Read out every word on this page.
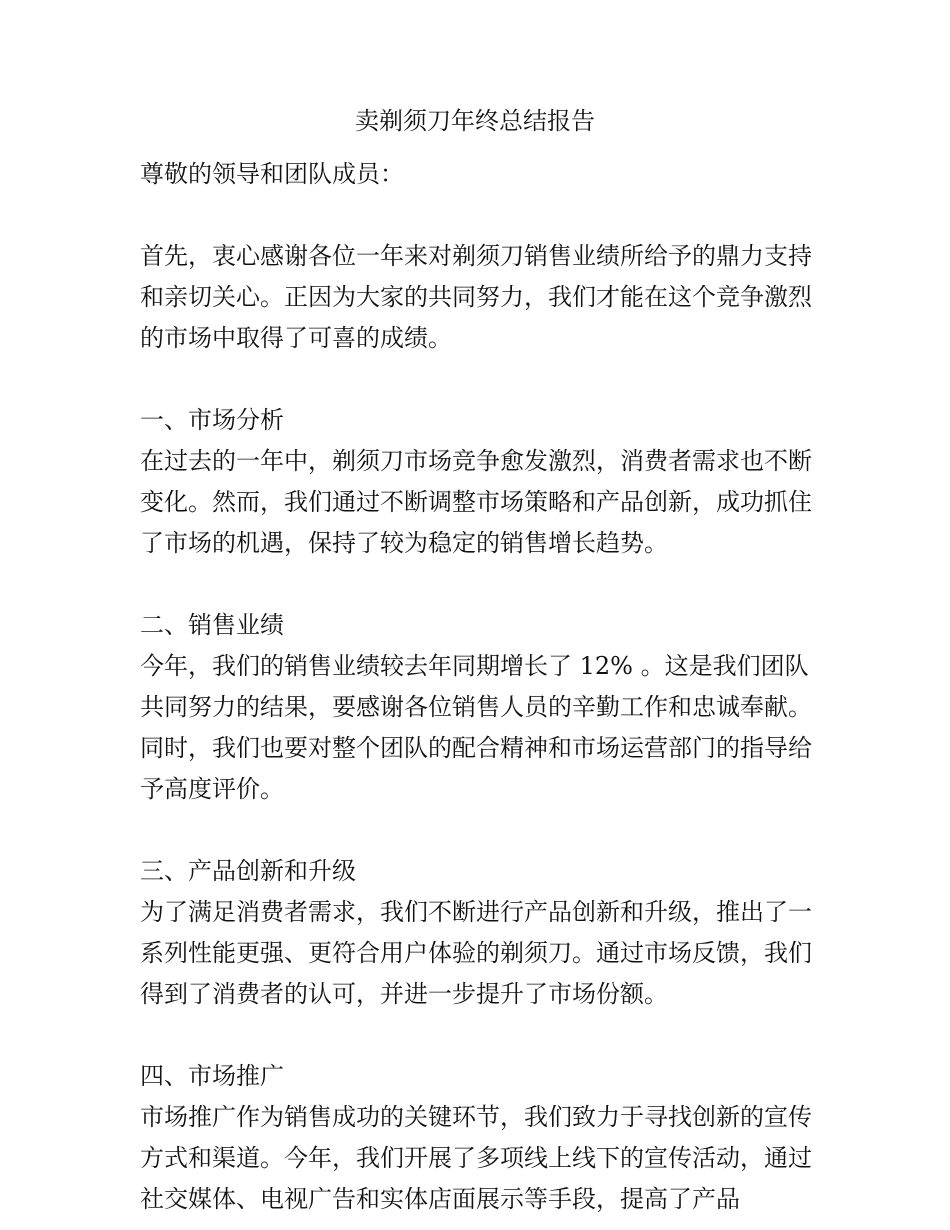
卖剃须刀年终总结报告

尊敬的领导和团队成员：

首先，衷心感谢各位一年来对剃须刀销售业绩所给予的鼎力支持和亲切关心。正因为大家的共同努力，我们才能在这个竞争激烈的市场中取得了可喜的成绩。

一、市场分析

在过去的一年中，剃须刀市场竞争愈发激烈，消费者需求也不断变化。然而，我们通过不断调整市场策略和产品创新，成功抓住了市场的机遇，保持了较为稳定的销售增长趋势。

二、销售业绩

今年，我们的销售业绩较去年同期增长了 12% 。这是我们团队共同努力的结果，要感谢各位销售人员的辛勤工作和忠诚奉献。同时，我们也要对整个团队的配合精神和市场运营部门的指导给予高度评价。

三、产品创新和升级

为了满足消费者需求，我们不断进行产品创新和升级，推出了一系列性能更强、更符合用户体验的剃须刀。通过市场反馈，我们得到了消费者的认可，并进一步提升了市场份额。

四、市场推广

市场推广作为销售成功的关键环节，我们致力于寻找创新的宣传方式和渠道。今年，我们开展了多项线上线下的宣传活动，通过社交媒体、电视广告和实体店面展示等手段，提高了产品
